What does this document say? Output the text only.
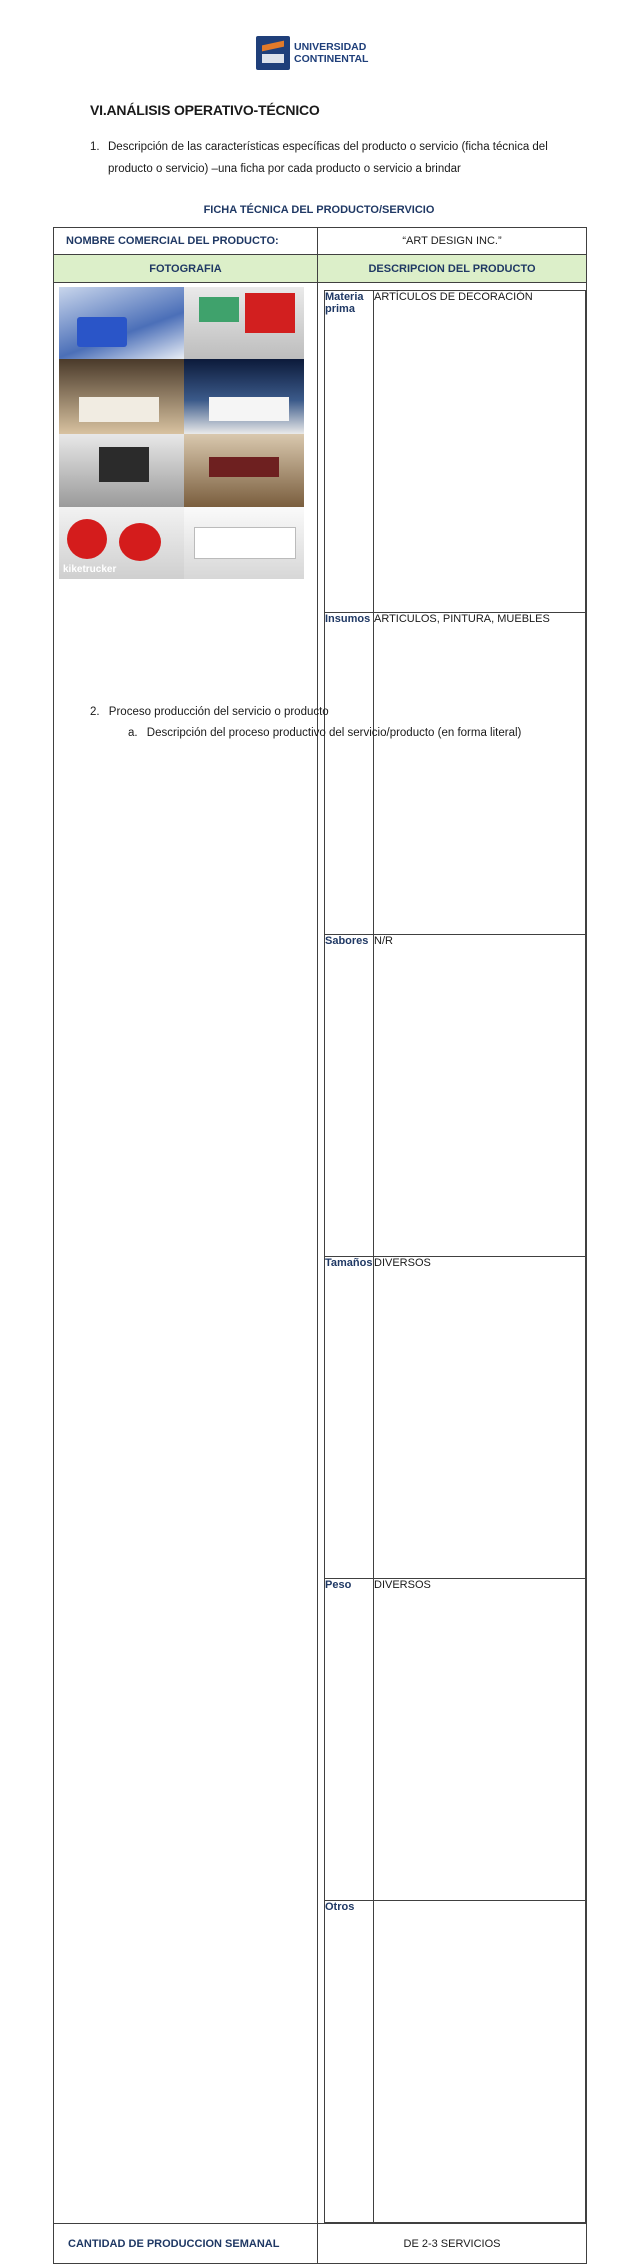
UNIVERSIDAD
CONTINENTAL
VI.ANÁLISIS OPERATIVO-TÉCNICO
1. Descripción de las características específicas del producto o servicio (ficha técnica del producto o servicio) –una ficha por cada producto o servicio a brindar
FICHA TÉCNICA DEL PRODUCTO/SERVICIO
NOMBRE COMERCIAL DEL PRODUCTO:	“ART DESIGN INC.”
FOTOGRAFIA	DESCRIPCION DEL PRODUCTO

kiketrucker

Materia prima	ARTÍCULOS DE DECORACIÓN
Insumos	ARTICULOS, PINTURA, MUEBLES
Sabores	N/R
Tamaños	DIVERSOS
Peso	DIVERSOS
Otros	

CANTIDAD DE PRODUCCION SEMANAL	DE 2-3 SERVICIOS
2. Proceso producción del servicio o producto
a. Descripción del proceso productivo del servicio/producto (en forma literal)
